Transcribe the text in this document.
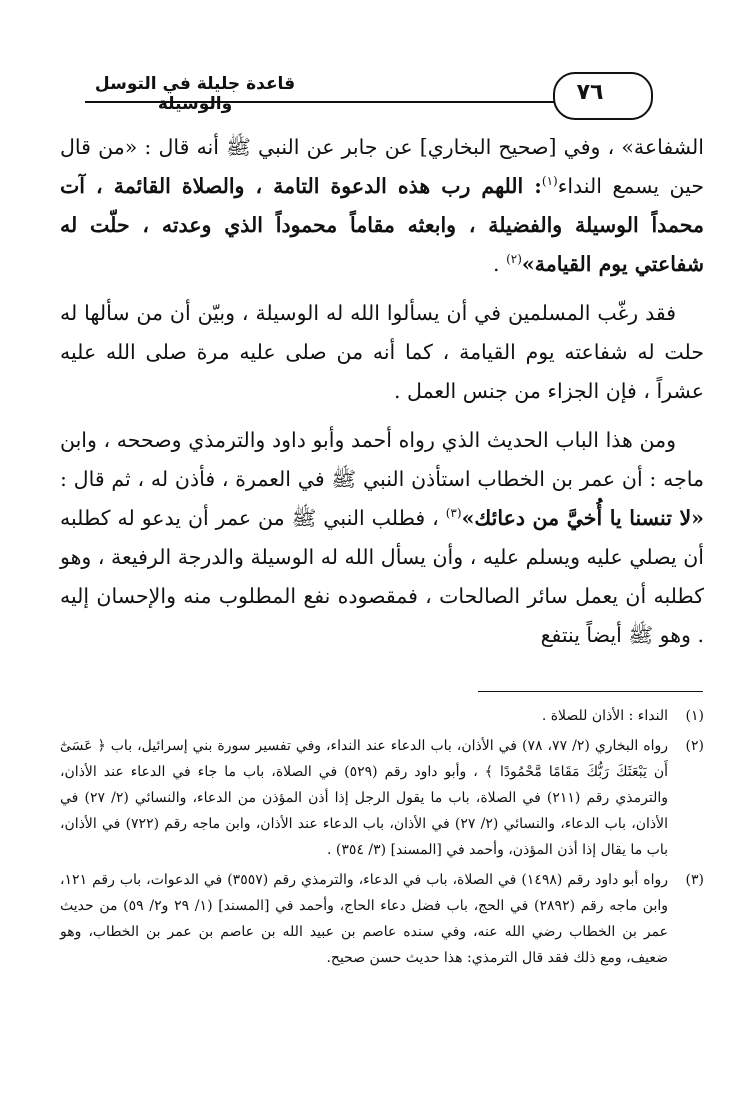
قاعدة جليلة في التوسل والوسيلة	٧٦

الشفاعة» ، وفي [صحيح البخاري] عن جابر عن النبي ﷺ أنه قال : «من قال حين يسمع النداء$^{(١)}$: اللهم رب هذه الدعوة التامة ، والصلاة القائمة ، آت محمداً الوسيلة والفضيلة ، وابعثه مقاماً محموداً الذي وعدته ، حلّت له شفاعتي يوم القيامة»$^{(٢)}$ .

فقد رغّب المسلمين في أن يسألوا الله له الوسيلة ، وبيّن أن من سألها له حلت له شفاعته يوم القيامة ، كما أنه من صلى عليه مرة صلى الله عليه عشراً ، فإن الجزاء من جنس العمل .

ومن هذا الباب الحديث الذي رواه أحمد وأبو داود والترمذي وصححه ، وابن ماجه : أن عمر بن الخطاب استأذن النبي ﷺ في العمرة ، فأذن له ، ثم قال : «لا تنسنا يا أُخيَّ من دعائك»$^{(٣)}$ ، فطلب النبي ﷺ من عمر أن يدعو له كطلبه أن يصلي عليه ويسلم عليه ، وأن يسأل الله له الوسيلة والدرجة الرفيعة ، وهو كطلبه أن يعمل سائر الصالحات ، فمقصوده نفع المطلوب منه والإحسان إليه . وهو ﷺ أيضاً ينتفع

(١)
النداء : الأذان للصلاة .
(٢)
رواه البخاري (٢/ ٧٧، ٧٨) في الأذان، باب الدعاء عند النداء، وفي تفسير سورة بني إسرائيل، باب ﴿ عَسَىٰٓ أَن يَبْعَثَكَ رَبُّكَ مَقَامًا مَّحْمُودًا ﴾ ، وأبو داود رقم (٥٢٩) في الصلاة، باب ما جاء في الدعاء عند الأذان، والترمذي رقم (٢١١) في الصلاة، باب ما يقول الرجل إذا أذن المؤذن من الدعاء، والنسائي (٢/ ٢٧) في الأذان، باب الدعاء، والنسائي (٢/ ٢٧) في الأذان، باب الدعاء عند الأذان، وابن ماجه رقم (٧٢٢) في الأذان، باب ما يقال إذا أذن المؤذن، وأحمد في [المسند] (٣/ ٣٥٤) .
(٣)
رواه أبو داود رقم (١٤٩٨) في الصلاة، باب في الدعاء، والترمذي رقم (٣٥٥٧) في الدعوات، باب رقم ١٢١، وابن ماجه رقم (٢٨٩٢) في الحج، باب فضل دعاء الحاج، وأحمد في [المسند] (١/ ٢٩ و٢/ ٥٩) من حديث عمر بن الخطاب رضي الله عنه، وفي سنده عاصم بن عبيد الله بن عاصم بن عمر بن الخطاب، وهو ضعيف، ومع ذلك فقد قال الترمذي: هذا حديث حسن صحيح.
